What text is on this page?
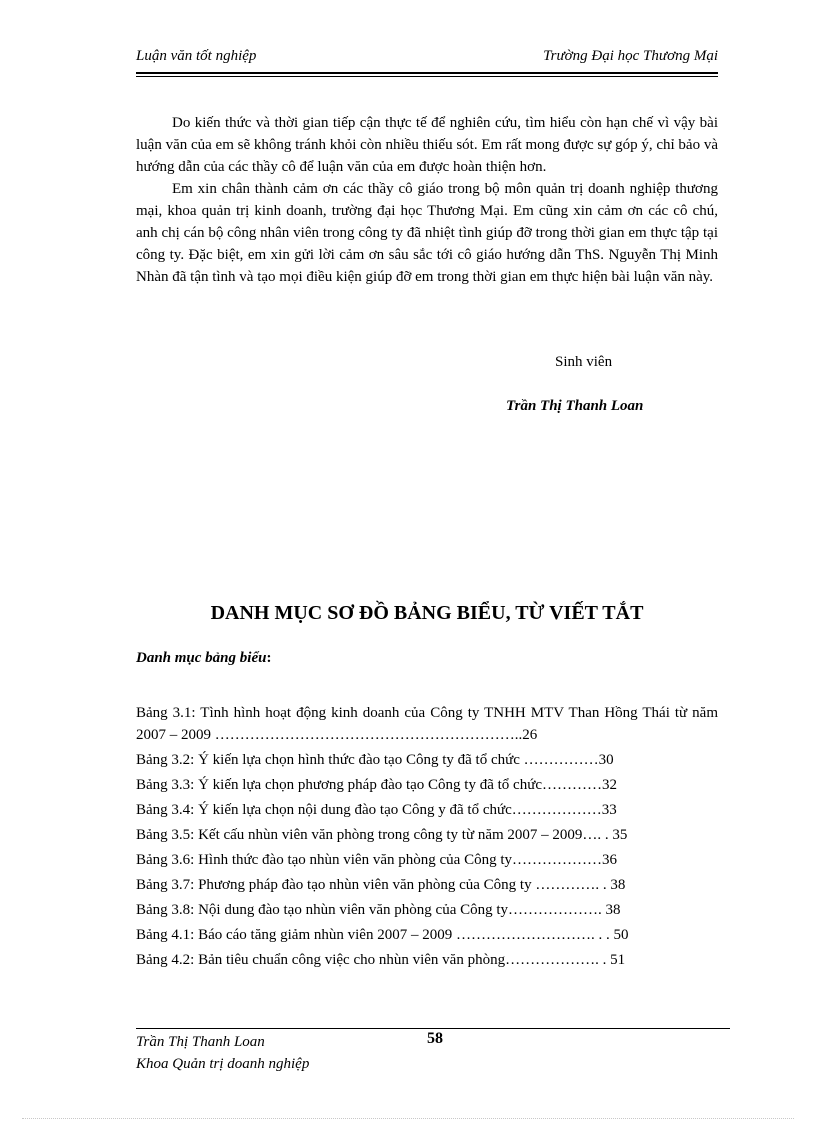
Luận văn tốt nghiệp	Trường Đại học Thương Mại

Do kiến thức và thời gian tiếp cận thực tế để nghiên cứu, tìm hiểu còn hạn chế vì vậy bài luận văn của em sẽ không tránh khỏi còn nhiều thiếu sót. Em rất mong được sự góp ý, chỉ bảo và hướng dẫn của các thầy cô để luận văn của em được hoàn thiện hơn.

Em xin chân thành cảm ơn các thầy cô giáo trong bộ môn quản trị doanh nghiệp thương mại, khoa quản trị kinh doanh, trường đại học Thương Mại. Em cũng xin cảm ơn các cô chú, anh chị cán bộ công nhân viên trong công ty đã nhiệt tình giúp đỡ trong thời gian em thực tập tại công ty. Đặc biệt, em xin gửi lời cảm ơn sâu sắc tới cô giáo hướng dẫn ThS. Nguyễn Thị Minh Nhàn đã tận tình và tạo mọi điều kiện giúp đỡ em trong thời gian em thực hiện bài luận văn này.

Sinh viên
Trần Thị Thanh Loan
DANH MỤC SƠ ĐỒ BẢNG BIỂU, TỪ VIẾT TẮT
Danh mục bảng biểu:
Bảng 3.1: Tình hình hoạt động kinh doanh của Công ty TNHH MTV Than Hồng Thái từ năm 2007 – 2009 ……………………………………………………..26
Bảng 3.2: Ý kiến lựa chọn hình thức đào tạo Công ty đã tổ chức ……………30
Bảng 3.3: Ý kiến lựa chọn phương pháp đào tạo Công ty đã tổ chức…………32
Bảng 3.4: Ý kiến lựa chọn nội dung đào tạo Công y đã tổ chức………………33
Bảng 3.5: Kết cấu nhùn viên văn phòng trong công ty từ năm 2007 – 2009…. . 35
Bảng 3.6: Hình thức đào tạo nhùn viên văn phòng của Công ty………………36
Bảng 3.7: Phương pháp đào tạo nhùn viên văn phòng của Công ty …………. . 38
Bảng 3.8: Nội dung đào tạo nhùn viên văn phòng của Công ty………………. 38
Bảng 4.1: Báo cáo tăng giảm nhùn viên 2007 – 2009 ………………………. . . 50
Bảng 4.2: Bản tiêu chuẩn công việc cho nhùn viên văn phòng………………. . 51
Trần Thị Thanh Loan	58
Khoa Quản trị doanh nghiệp
